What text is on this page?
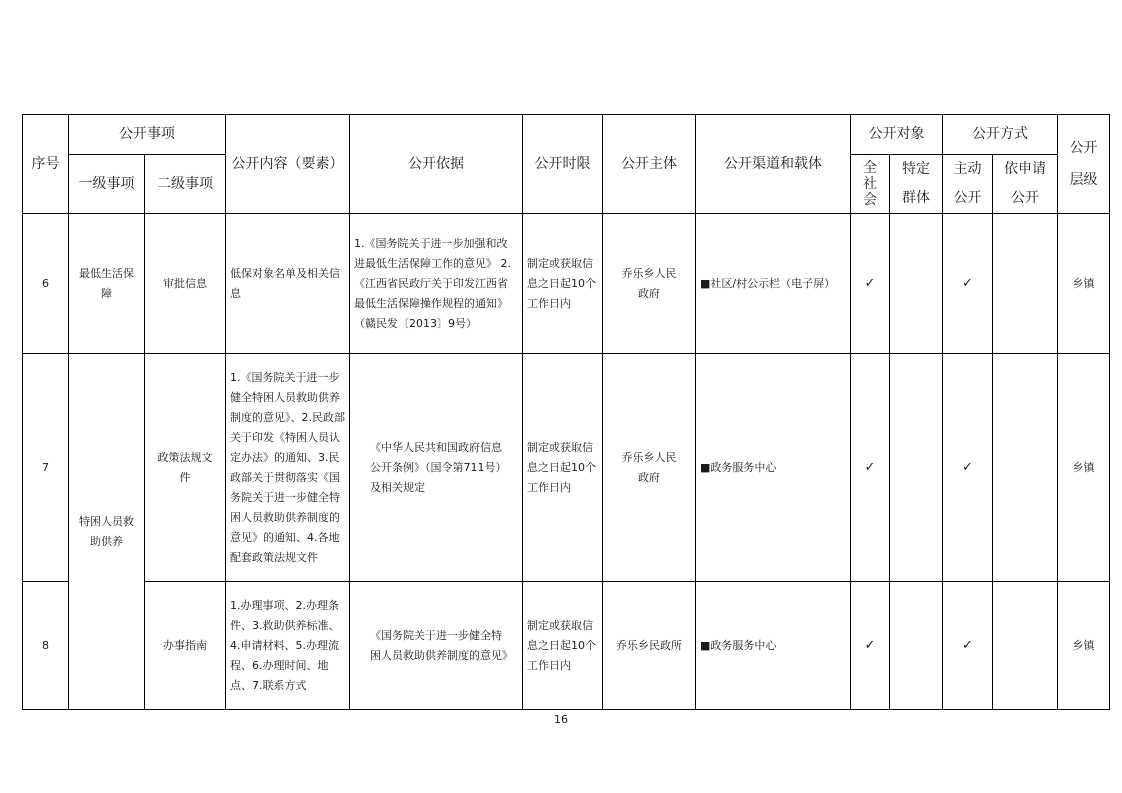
序号	公开事项		公开内容（要素）	公开依据	公开时限	公开主体	公开渠道和载体	公开对象		公开方式		公开层级
	一级事项	二级事项						全社会	特定群体	主动公开	依申请公开	
6	最低生活保障	审批信息	低保对象名单及相关信息	1.《国务院关于进一步加强和改进最低生活保障工作的意见》 2.《江西省民政厅关于印发江西省最低生活保障操作规程的通知》（赣民发〔2013〕9号）	制定或获取信息之日起10个工作日内	乔乐乡人民政府	■社区/村公示栏（电子屏）	✓		✓		乡镇
7	特困人员救助供养	政策法规文件	1.《国务院关于进一步健全特困人员救助供养制度的意见》、2.民政部关于印发《特困人员认定办法》的通知、3.民政部关于贯彻落实《国务院关于进一步健全特困人员救助供养制度的意见》的通知、4.各地配套政策法规文件	《中华人民共和国政府信息公开条例》（国令第711号）及相关规定	制定或获取信息之日起10个工作日内	乔乐乡人民政府	■政务服务中心	✓		✓		乡镇
8		办事指南	1.办理事项、2.办理条件、3.救助供养标准、4.申请材料、5.办理流程、6.办理时间、地点、7.联系方式	《国务院关于进一步健全特困人员救助供养制度的意见》	制定或获取信息之日起10个工作日内	乔乐乡民政所	■政务服务中心	✓		✓		乡镇
16
